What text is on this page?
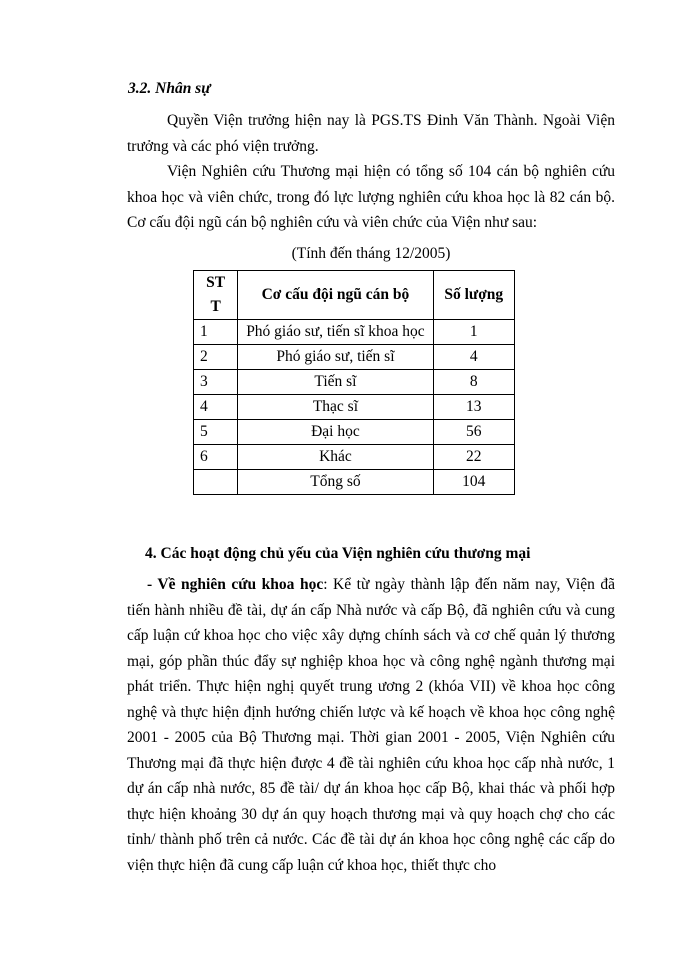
3.2. Nhân sự

Quyền Viện trưởng hiện nay là PGS.TS Đinh Văn Thành. Ngoài Viện trưởng và các phó viện trưởng.

Viện Nghiên cứu Thương mại hiện có tổng số 104 cán bộ nghiên cứu khoa học và viên chức, trong đó lực lượng nghiên cứu khoa học là 82 cán bộ. Cơ cấu đội ngũ cán bộ nghiên cứu và viên chức của Viện như sau:

(Tính đến tháng 12/2005)
ST T	Cơ cấu đội ngũ cán bộ	Số lượng
1	Phó giáo sư, tiến sĩ khoa học	1
2	Phó giáo sư, tiến sĩ	4
3	Tiến sĩ	8
4	Thạc sĩ	13
5	Đại học	56
6	Khác	22
	Tổng số	104
4. Các hoạt động chủ yếu của Viện nghiên cứu thương mại

- Về nghiên cứu khoa học: Kể từ ngày thành lập đến năm nay, Viện đã tiến hành nhiều đề tài, dự án cấp Nhà nước và cấp Bộ, đã nghiên cứu và cung cấp luận cứ khoa học cho việc xây dựng chính sách và cơ chế quản lý thương mại, góp phần thúc đẩy sự nghiệp khoa học và công nghệ ngành thương mại phát triển. Thực hiện nghị quyết trung ương 2 (khóa VII) về khoa học công nghệ và thực hiện định hướng chiến lược và kế hoạch về khoa học công nghệ 2001 - 2005 của Bộ Thương mại. Thời gian 2001 - 2005, Viện Nghiên cứu Thương mại đã thực hiện được 4 đề tài nghiên cứu khoa học cấp nhà nước, 1 dự án cấp nhà nước, 85 đề tài/ dự án khoa học cấp Bộ, khai thác và phối hợp thực hiện khoảng 30 dự án quy hoạch thương mại và quy hoạch chợ cho các tỉnh/ thành phố trên cả nước. Các đề tài dự án khoa học công nghệ các cấp do viện thực hiện đã cung cấp luận cứ khoa học, thiết thực cho
